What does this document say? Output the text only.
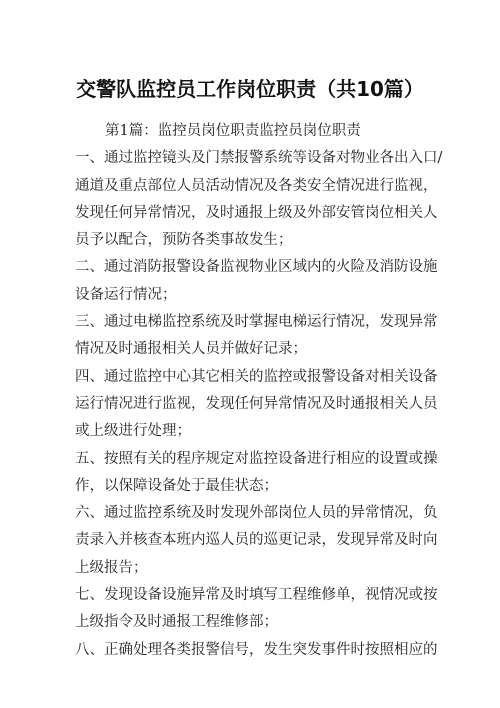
交警队监控员工作岗位职责（共10篇）
第1篇：监控员岗位职责监控员岗位职责
一、通过监控镜头及门禁报警系统等设备对物业各出入口/
通道及重点部位人员活动情况及各类安全情况进行监视，
发现任何异常情况，及时通报上级及外部安管岗位相关人
员予以配合，预防各类事故发生；
二、通过消防报警设备监视物业区域内的火险及消防设施
设备运行情况；
三、通过电梯监控系统及时掌握电梯运行情况，发现异常
情况及时通报相关人员并做好记录；
四、通过监控中心其它相关的监控或报警设备对相关设备
运行情况进行监视，发现任何异常情况及时通报相关人员
或上级进行处理；
五、按照有关的程序规定对监控设备进行相应的设置或操
作，以保障设备处于最佳状态；
六、通过监控系统及时发现外部岗位人员的异常情况，负
责录入并核查本班内巡人员的巡更记录，发现异常及时向
上级报告；
七、发现设备设施异常及时填写工程维修单，视情况或按
上级指令及时通报工程维修部；
八、正确处理各类报警信号，发生突发事件时按照相应的
